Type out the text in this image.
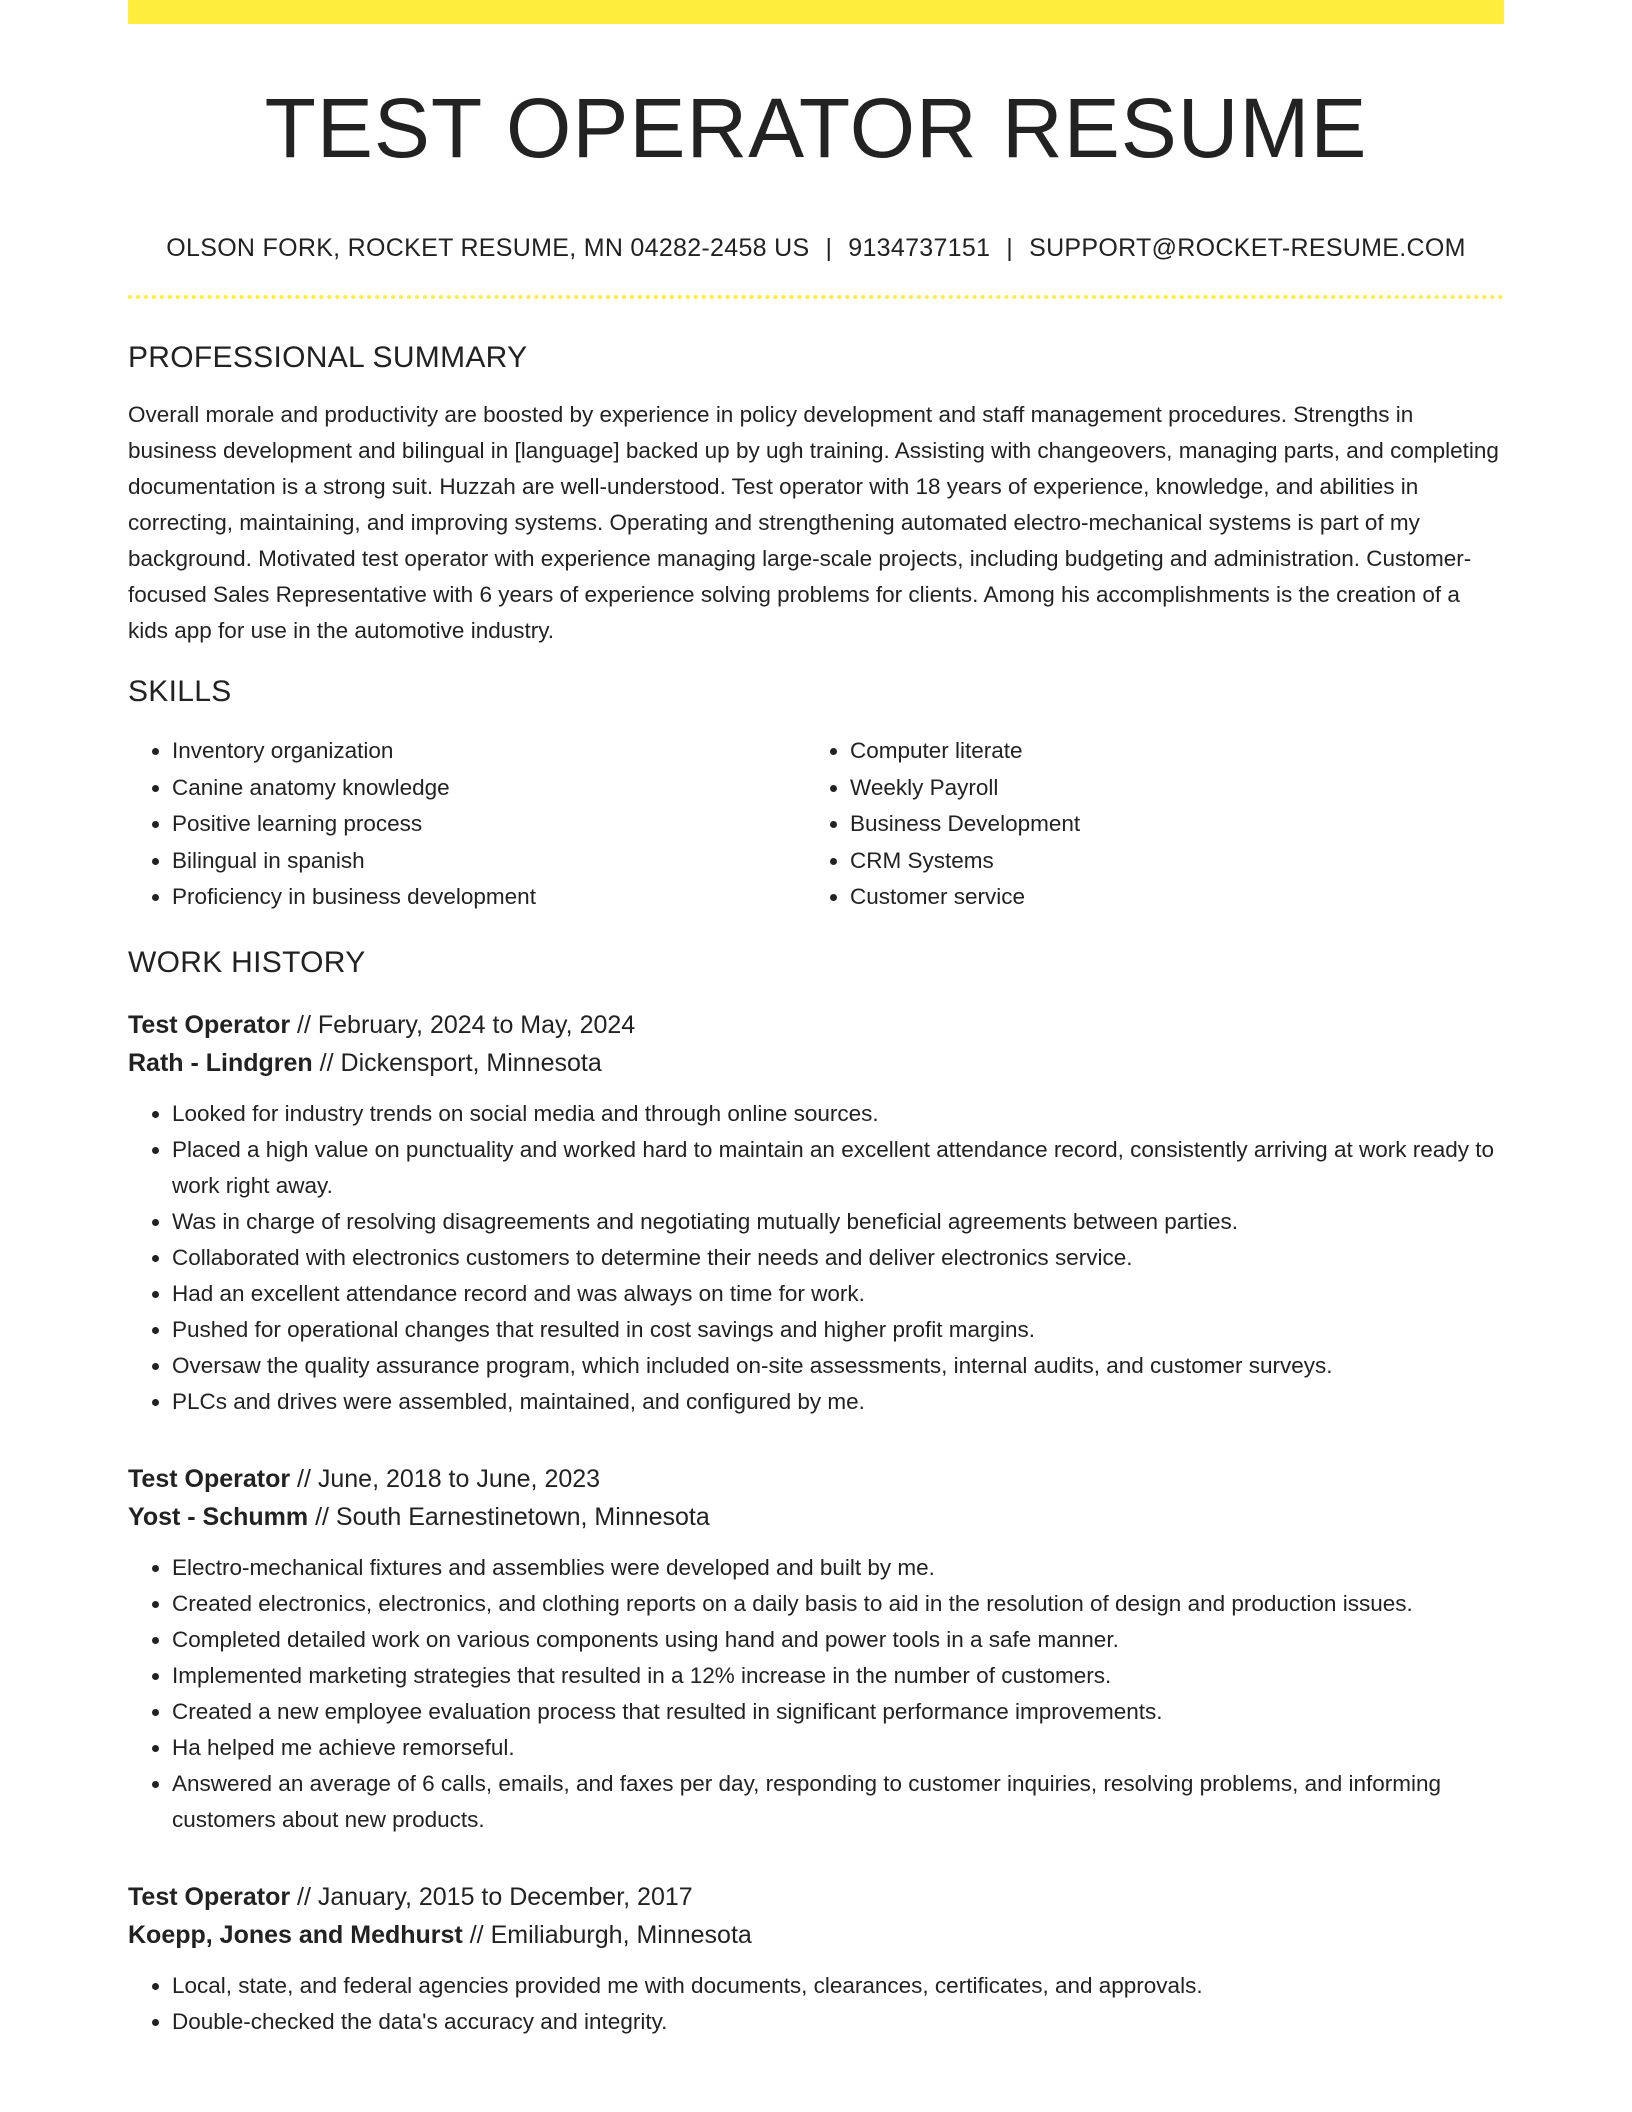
TEST OPERATOR RESUME
OLSON FORK, ROCKET RESUME, MN 04282-2458 US | 9134737151 | SUPPORT@ROCKET-RESUME.COM
PROFESSIONAL SUMMARY
Overall morale and productivity are boosted by experience in policy development and staff management procedures. Strengths in business development and bilingual in [language] backed up by ugh training. Assisting with changeovers, managing parts, and completing documentation is a strong suit. Huzzah are well-understood. Test operator with 18 years of experience, knowledge, and abilities in correcting, maintaining, and improving systems. Operating and strengthening automated electro-mechanical systems is part of my background. Motivated test operator with experience managing large-scale projects, including budgeting and administration. Customer-focused Sales Representative with 6 years of experience solving problems for clients. Among his accomplishments is the creation of a kids app for use in the automotive industry.
SKILLS
• Inventory organization
• Canine anatomy knowledge
• Positive learning process
• Bilingual in spanish
• Proficiency in business development
• Computer literate
• Weekly Payroll
• Business Development
• CRM Systems
• Customer service
WORK HISTORY
Test Operator // February, 2024 to May, 2024
Rath - Lindgren // Dickensport, Minnesota
• Looked for industry trends on social media and through online sources.
• Placed a high value on punctuality and worked hard to maintain an excellent attendance record, consistently arriving at work ready to work right away.
• Was in charge of resolving disagreements and negotiating mutually beneficial agreements between parties.
• Collaborated with electronics customers to determine their needs and deliver electronics service.
• Had an excellent attendance record and was always on time for work.
• Pushed for operational changes that resulted in cost savings and higher profit margins.
• Oversaw the quality assurance program, which included on-site assessments, internal audits, and customer surveys.
• PLCs and drives were assembled, maintained, and configured by me.
Test Operator // June, 2018 to June, 2023
Yost - Schumm // South Earnestinetown, Minnesota
• Electro-mechanical fixtures and assemblies were developed and built by me.
• Created electronics, electronics, and clothing reports on a daily basis to aid in the resolution of design and production issues.
• Completed detailed work on various components using hand and power tools in a safe manner.
• Implemented marketing strategies that resulted in a 12% increase in the number of customers.
• Created a new employee evaluation process that resulted in significant performance improvements.
• Ha helped me achieve remorseful.
• Answered an average of 6 calls, emails, and faxes per day, responding to customer inquiries, resolving problems, and informing customers about new products.
Test Operator // January, 2015 to December, 2017
Koepp, Jones and Medhurst // Emiliaburgh, Minnesota
• Local, state, and federal agencies provided me with documents, clearances, certificates, and approvals.
• Double-checked the data's accuracy and integrity.
